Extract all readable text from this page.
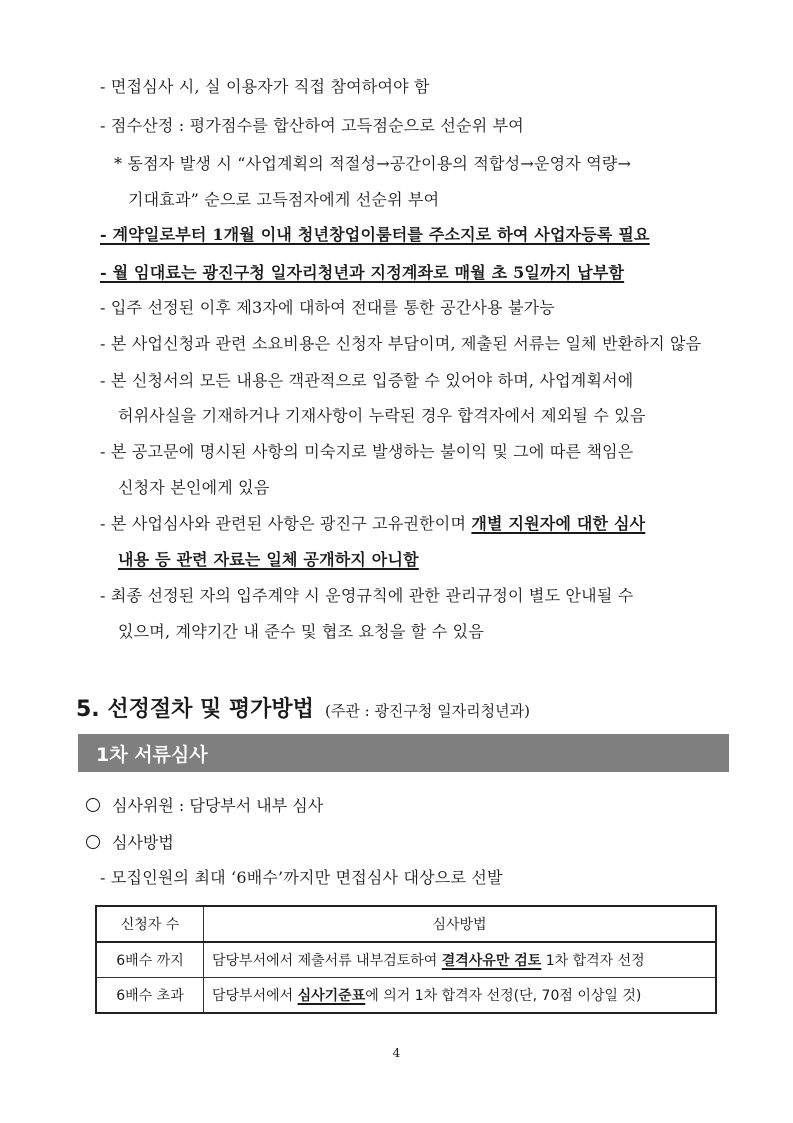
- 면접심사 시, 실 이용자가 직접 참여하여야 함
- 점수산정 : 평가점수를 합산하여 고득점순으로 선순위 부여
* 동점자 발생 시 “사업계획의 적절성→공간이용의 적합성→운영자 역량→
기대효과” 순으로 고득점자에게 선순위 부여
- 계약일로부터 1개월 이내 청년창업이룸터를 주소지로 하여 사업자등록 필요
- 월 임대료는 광진구청 일자리청년과 지정계좌로 매월 초 5일까지 납부함
- 입주 선정된 이후 제3자에 대하여 전대를 통한 공간사용 불가능
- 본 사업신청과 관련 소요비용은 신청자 부담이며, 제출된 서류는 일체 반환하지 않음
- 본 신청서의 모든 내용은 객관적으로 입증할 수 있어야 하며, 사업계획서에
허위사실을 기재하거나 기재사항이 누락된 경우 합격자에서 제외될 수 있음
- 본 공고문에 명시된 사항의 미숙지로 발생하는 불이익 및 그에 따른 책임은
신청자 본인에게 있음
- 본 사업심사와 관련된 사항은 광진구 고유권한이며 개별 지원자에 대한 심사
내용 등 관련 자료는 일체 공개하지 아니함
- 최종 선정된 자의 입주계약 시 운영규칙에 관한 관리규정이 별도 안내될 수
있으며, 계약기간 내 준수 및 협조 요청을 할 수 있음
5. 선정절차 및 평가방법 (주관 : 광진구청 일자리청년과)
1차 서류심사
심사위원 : 담당부서 내부 심사
심사방법
- 모집인원의 최대 ‘6배수’까지만 면접심사 대상으로 선발
신청자 수	심사방법
6배수 까지	담당부서에서 제출서류 내부검토하여 결격사유만 검토 1차 합격자 선정
6배수 초과	담당부서에서 심사기준표에 의거 1차 합격자 선정(단, 70점 이상일 것)
4
